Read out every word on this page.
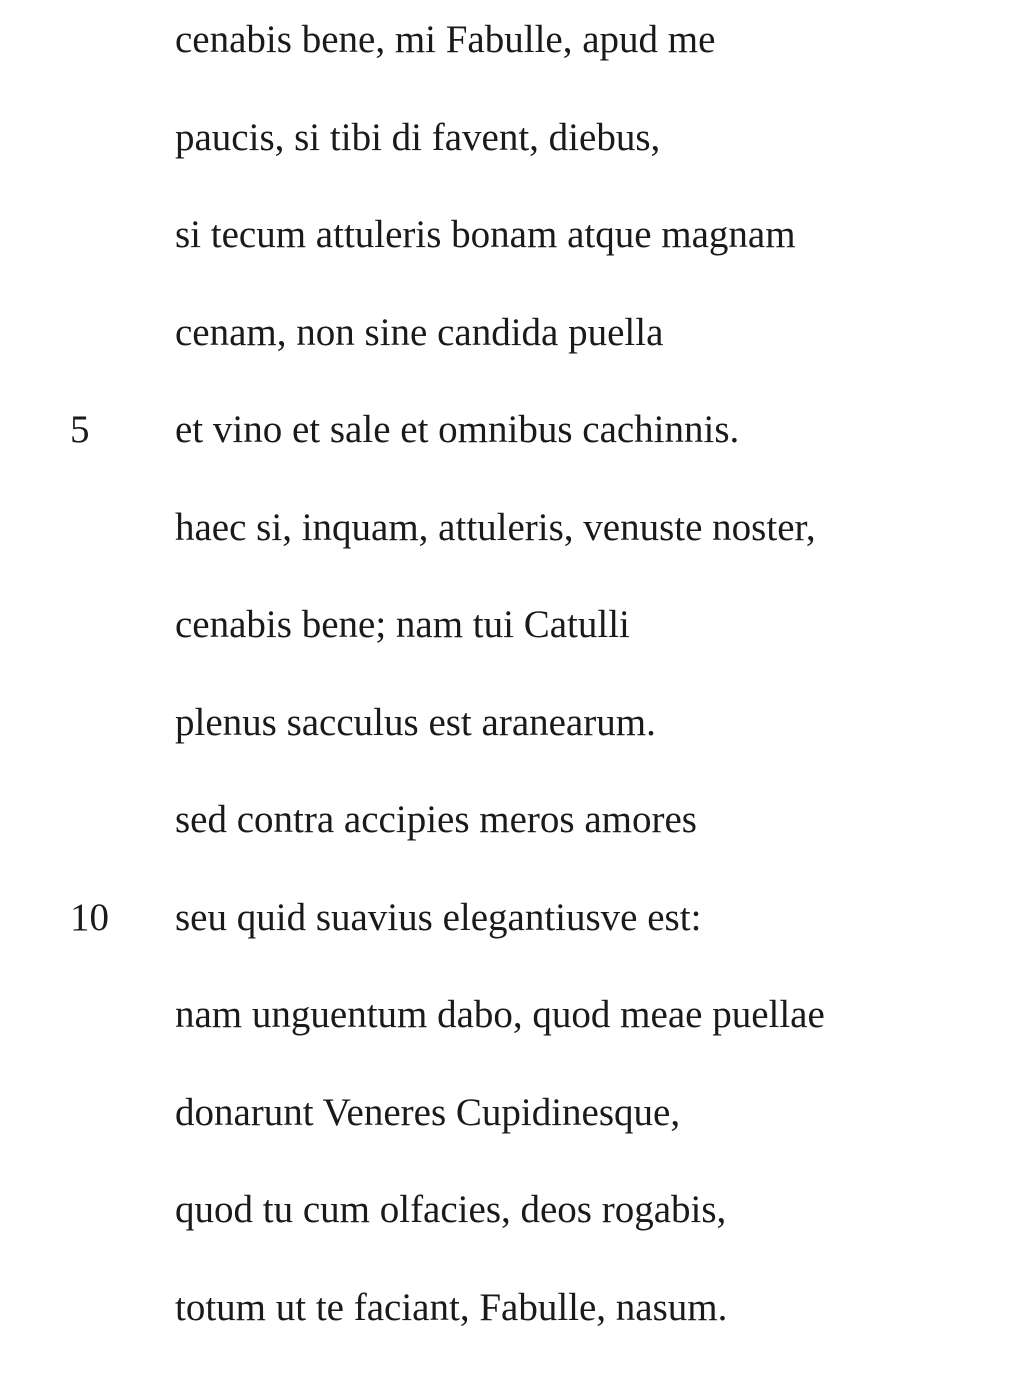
cenabis bene, mi Fabulle, apud me
paucis, si tibi di favent, diebus,
si tecum attuleris bonam atque magnam
cenam, non sine candida puella
5	et vino et sale et omnibus cachinnis.
haec si, inquam, attuleris, venuste noster,
cenabis bene; nam tui Catulli
plenus sacculus est aranearum.
sed contra accipies meros amores
10	seu quid suavius elegantiusve est:
nam unguentum dabo, quod meae puellae
donarunt Veneres Cupidinesque,
quod tu cum olfacies, deos rogabis,
totum ut te faciant, Fabulle, nasum.
